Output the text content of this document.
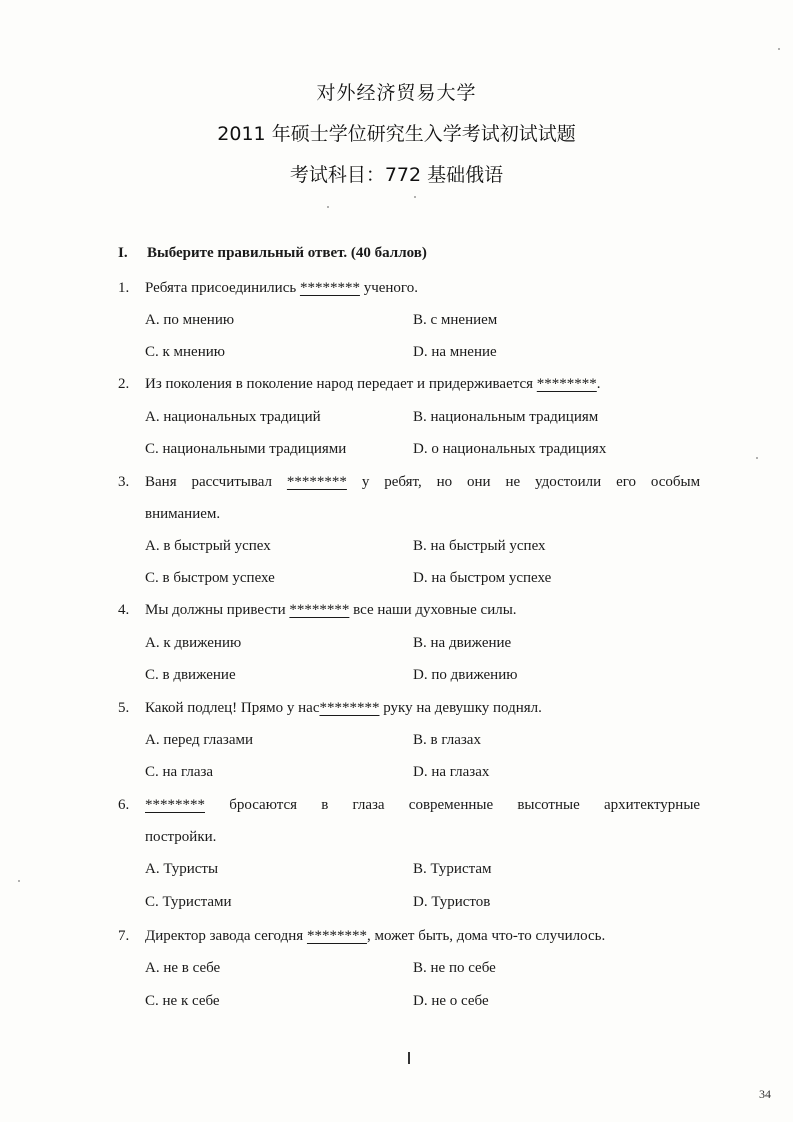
对外经济贸易大学
2011 年硕士学位研究生入学考试初试试题
考试科目：772 基础俄语
I. Выберите правильный ответ. (40 баллов)
1. Ребята присоединились ******** ученого.
А. по мнению	В. с мнением
С. к мнению	D. на мнение
2. Из поколения в поколение народ передает и придерживается ********.
А. национальных традиций	В. национальным традициям
С. национальными традициями	D. о национальных традициях
3. Ваня рассчитывал ******** у ребят, но они не удостоили его особым
вниманием.
А. в быстрый успех	В. на быстрый успех
С. в быстром успехе	D. на быстром успехе
4. Мы должны привести ******** все наши духовные силы.
А. к движению	В. на движение
С. в движение	D. по движению
5. Какой подлец! Прямо у нас******** руку на девушку поднял.
А. перед глазами	В. в глазах
С. на глаза	D. на глазах
6. ******** бросаются в глаза современные высотные архитектурные
постройки.
А. Туристы	В. Туристам
С. Туристами	D. Туристов
7. Директор завода сегодня ********, может быть, дома что-то случилось.
А. не в себе	В. не по себе
С. не к себе	D. не о себе
34
